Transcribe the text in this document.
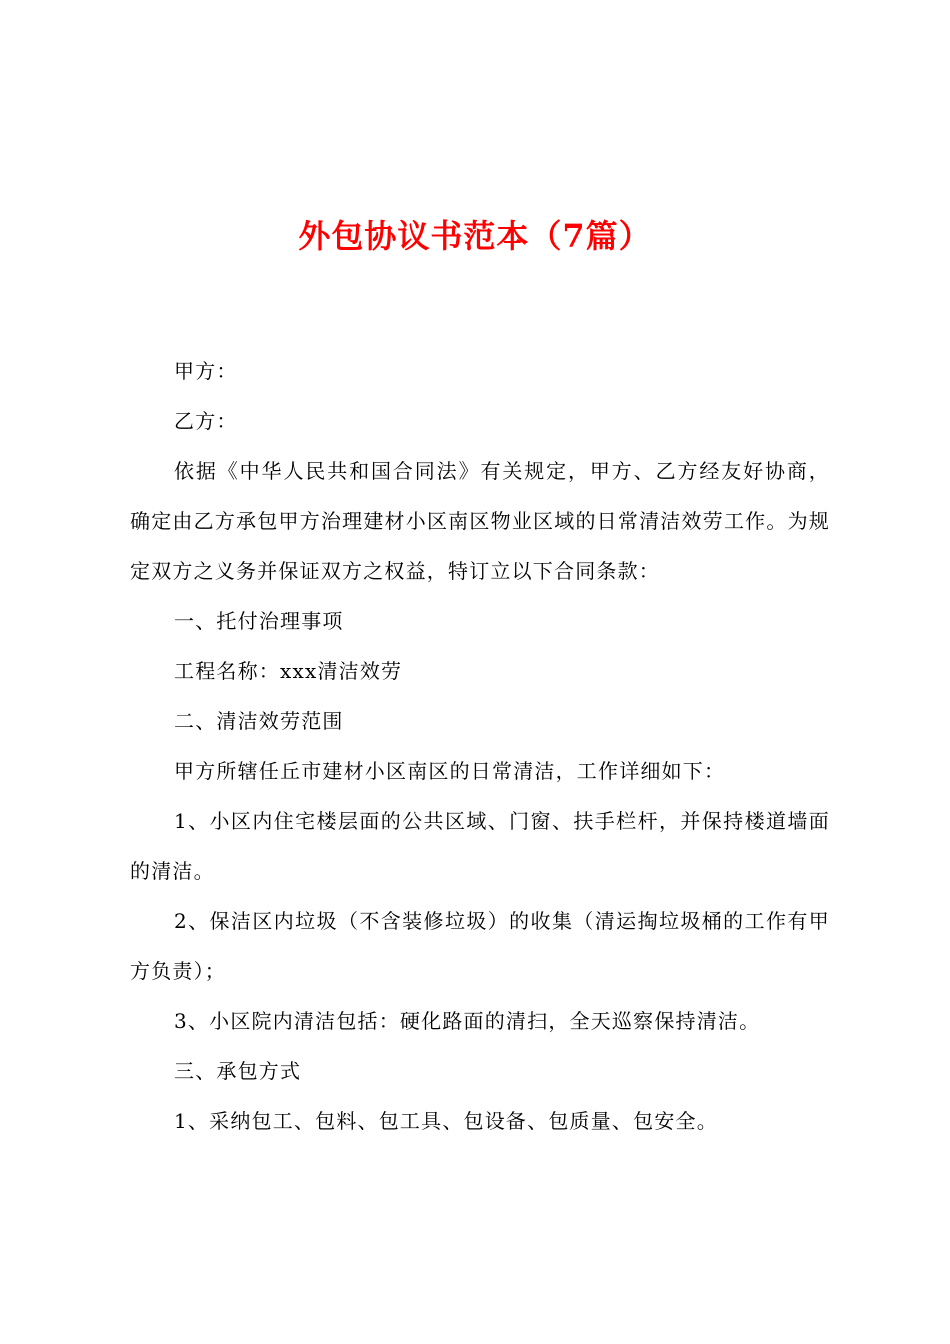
外包协议书范本（7篇）

甲方：

乙方：

依据《中华人民共和国合同法》有关规定，甲方、乙方经友好协商，确定由乙方承包甲方治理建材小区南区物业区域的日常清洁效劳工作。为规定双方之义务并保证双方之权益，特订立以下合同条款：

一、托付治理事项

工程名称：xxx清洁效劳

二、清洁效劳范围

甲方所辖任丘市建材小区南区的日常清洁，工作详细如下：

1、小区内住宅楼层面的公共区域、门窗、扶手栏杆，并保持楼道墙面的清洁。

2、保洁区内垃圾（不含装修垃圾）的收集（清运掏垃圾桶的工作有甲方负责）；

3、小区院内清洁包括：硬化路面的清扫，全天巡察保持清洁。

三、承包方式

1、采纳包工、包料、包工具、包设备、包质量、包安全。
